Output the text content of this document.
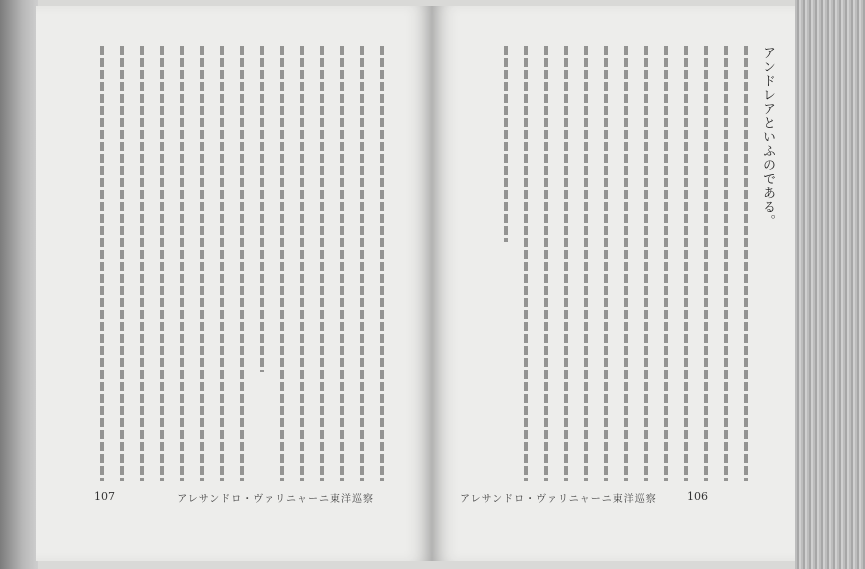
107	アレサンドロ・ヴァリニャーニ東洋巡察
アンドレアといふのである。
106
アレサンドロ・ヴァリニャーニ東洋巡察
